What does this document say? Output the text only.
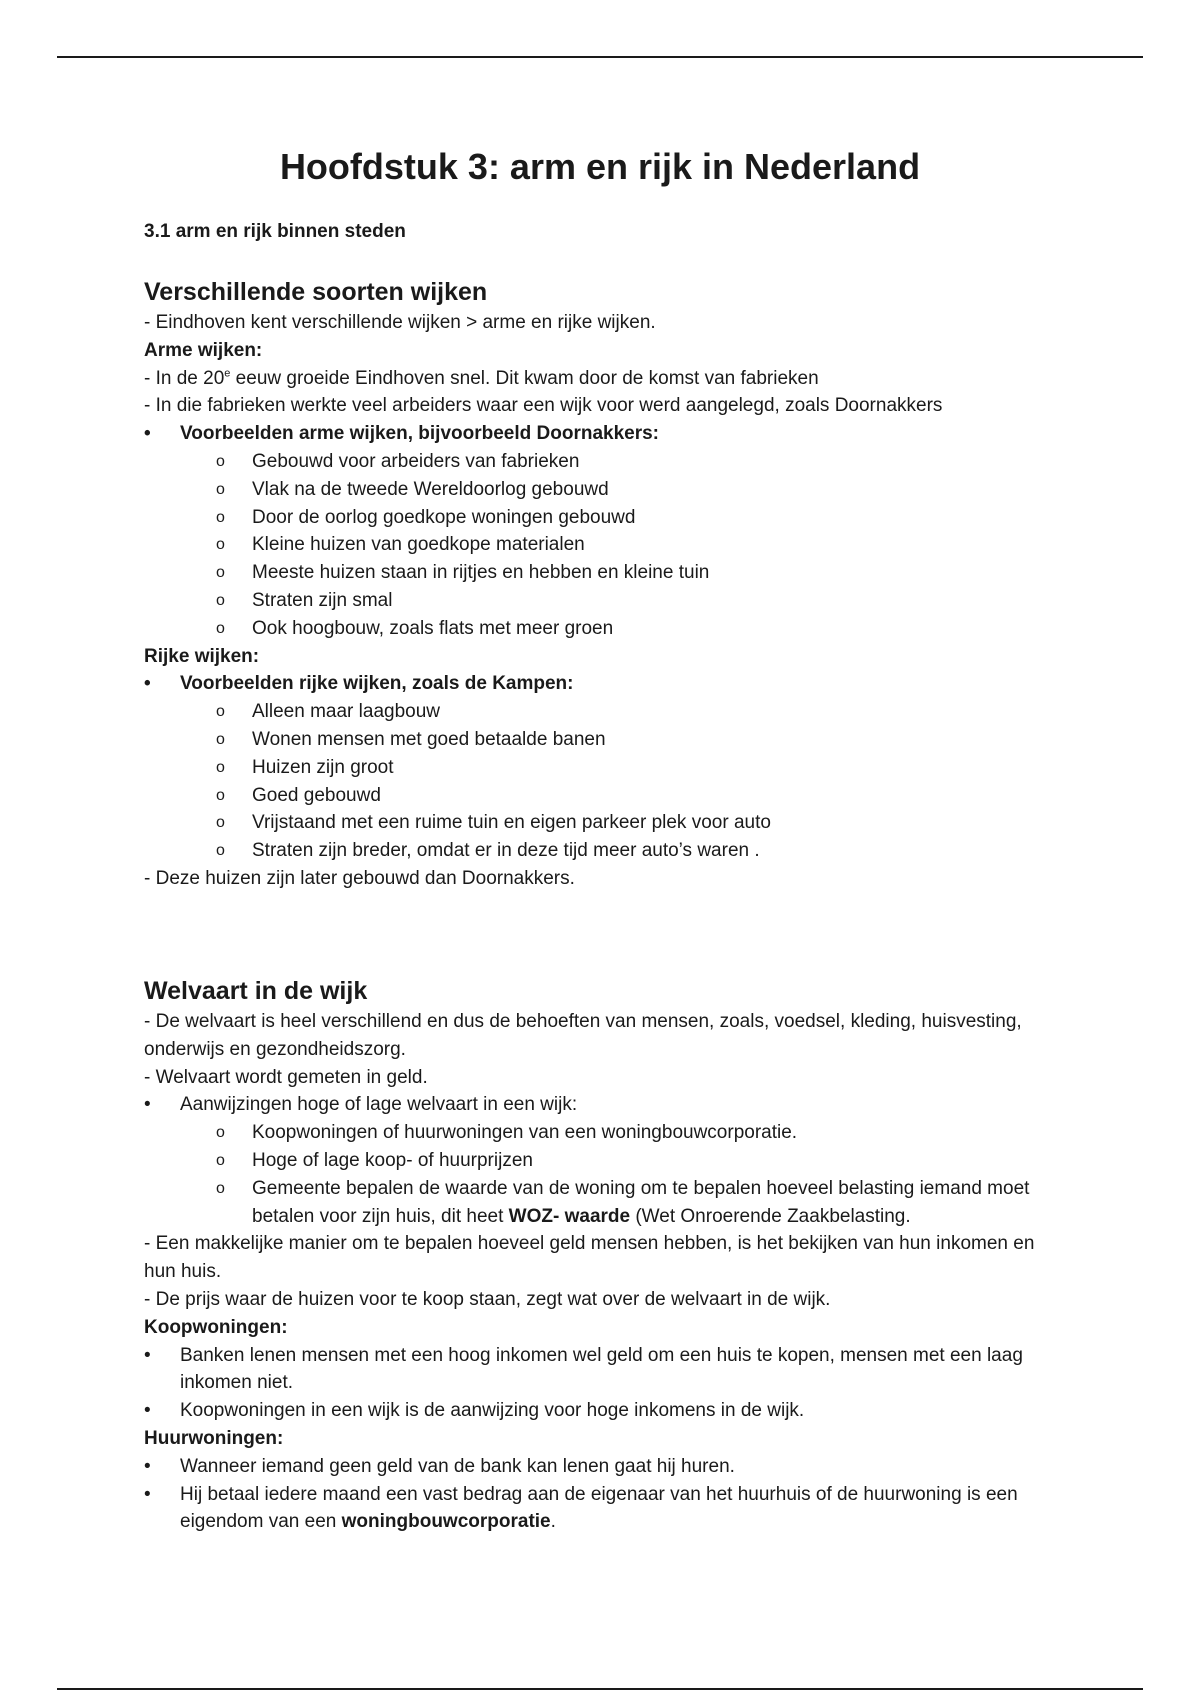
Hoofdstuk 3: arm en rijk in Nederland
3.1 arm en rijk binnen steden
Verschillende soorten wijken

- Eindhoven kent verschillende wijken > arme en rijke wijken.

Arme wijken:

- In de 20e eeuw groeide Eindhoven snel. Dit kwam door de komst van fabrieken

- In die fabrieken werkte veel arbeiders waar een wijk voor werd aangelegd, zoals Doornakkers

•	Voorbeelden arme wijken, bijvoorbeeld Doornakkers:
o	Gebouwd voor arbeiders van fabrieken
o	Vlak na de tweede Wereldoorlog gebouwd
o	Door de oorlog goedkope woningen gebouwd
o	Kleine huizen van goedkope materialen
o	Meeste huizen staan in rijtjes en hebben en kleine tuin
o	Straten zijn smal
o	Ook hoogbouw, zoals flats met meer groen

Rijke wijken:

•	Voorbeelden rijke wijken, zoals de Kampen:
o	Alleen maar laagbouw
o	Wonen mensen met goed betaalde banen
o	Huizen zijn groot
o	Goed gebouwd
o	Vrijstaand met een ruime tuin en eigen parkeer plek voor auto
o	Straten zijn breder, omdat er in deze tijd meer auto’s waren .

- Deze huizen zijn later gebouwd dan Doornakkers.

Welvaart in de wijk

- De welvaart is heel verschillend en dus de behoeften van mensen, zoals, voedsel, kleding, huisvesting, onderwijs en gezondheidszorg.

- Welvaart wordt gemeten in geld.

•	Aanwijzingen hoge of lage welvaart in een wijk:
o	Koopwoningen of huurwoningen van een woningbouwcorporatie.
o	Hoge of lage koop- of huurprijzen
o	Gemeente bepalen de waarde van de woning om te bepalen hoeveel belasting iemand moet betalen voor zijn huis, dit heet WOZ- waarde (Wet Onroerende Zaakbelasting.

- Een makkelijke manier om te bepalen hoeveel geld mensen hebben, is het bekijken van hun inkomen en hun huis.

- De prijs waar de huizen voor te koop staan, zegt wat over de welvaart in de wijk.

Koopwoningen:

•	Banken lenen mensen met een hoog inkomen wel geld om een huis te kopen, mensen met een laag inkomen niet.
•	Koopwoningen in een wijk is de aanwijzing voor hoge inkomens in de wijk.

Huurwoningen:

•	Wanneer iemand geen geld van de bank kan lenen gaat hij huren.
•	Hij betaal iedere maand een vast bedrag aan de eigenaar van het huurhuis of de huurwoning is een eigendom van een woningbouwcorporatie.
